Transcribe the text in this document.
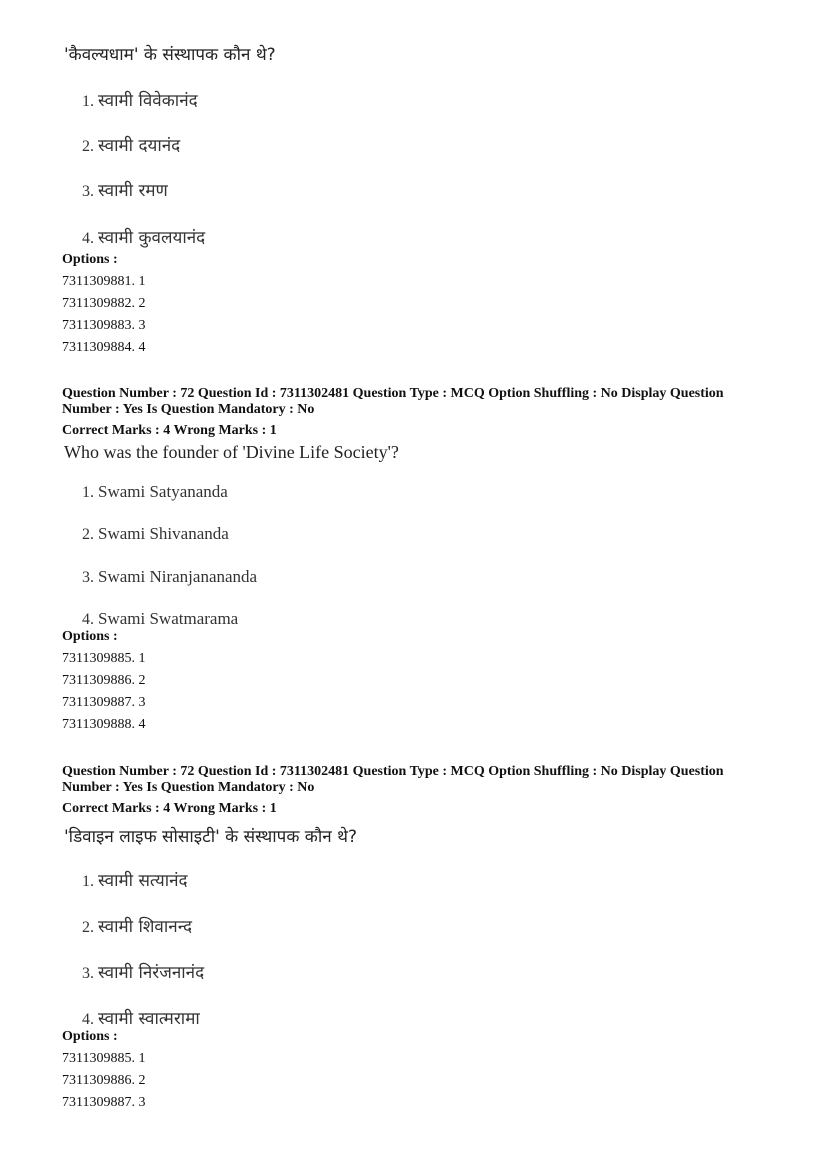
'कैवल्यधाम' के संस्थापक कौन थे?
1. स्वामी विवेकानंद
2. स्वामी दयानंद
3. स्वामी रमण
4. स्वामी कुवलयानंद
Options :
7311309881. 1
7311309882. 2
7311309883. 3
7311309884. 4
Question Number : 72 Question Id : 7311302481 Question Type : MCQ Option Shuffling : No Display Question
Number : Yes Is Question Mandatory : No
Correct Marks : 4 Wrong Marks : 1
Who was the founder of 'Divine Life Society'?
1. Swami Satyananda
2. Swami Shivananda
3. Swami Niranjanananda
4. Swami Swatmarama
Options :
7311309885. 1
7311309886. 2
7311309887. 3
7311309888. 4
Question Number : 72 Question Id : 7311302481 Question Type : MCQ Option Shuffling : No Display Question
Number : Yes Is Question Mandatory : No
Correct Marks : 4 Wrong Marks : 1
'डिवाइन लाइफ सोसाइटी' के संस्थापक कौन थे?
1. स्वामी सत्यानंद
2. स्वामी शिवानन्द
3. स्वामी निरंजनानंद
4. स्वामी स्वात्मरामा
Options :
7311309885. 1
7311309886. 2
7311309887. 3
